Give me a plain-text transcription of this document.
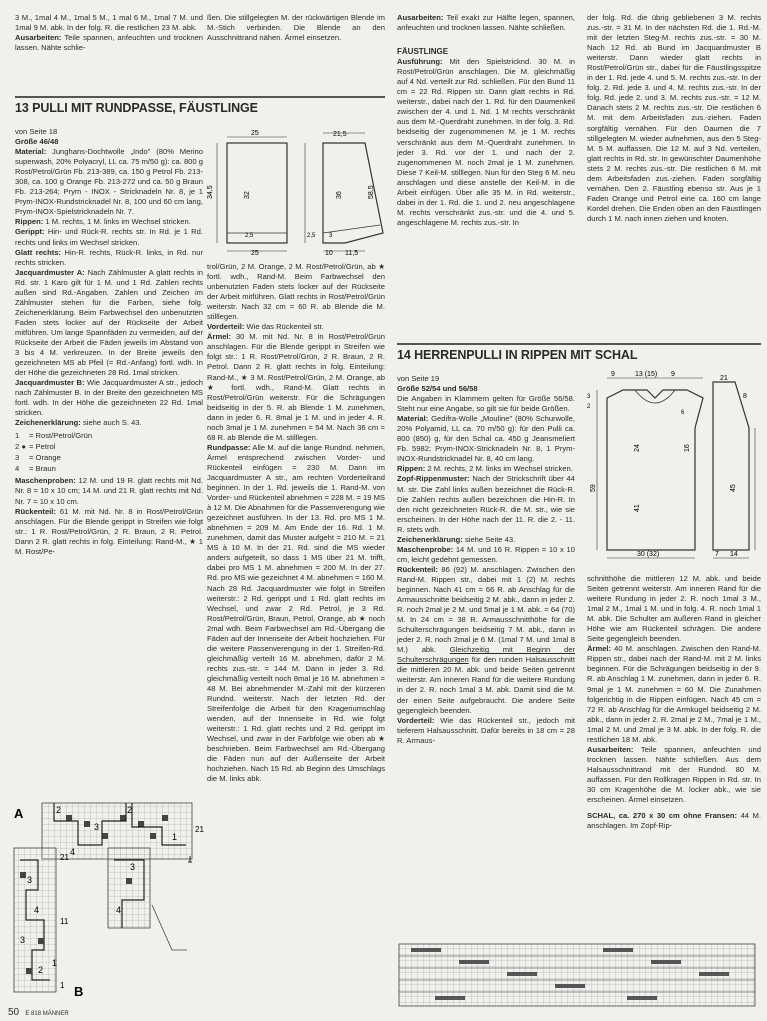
3 M., 1mal 4 M., 1mal 5 M., 1 mal 6 M., 1mal 7 M. und 1mal 9 M. abk. In der folg. R. die restlichen 23 M. abk.

Ausarbeiten: Teile spannen, anfeuchten und trocknen lassen. Nähte schlie-

ßen. Die stillgelegten M. der rückwärtigen Blende im M.-Stich verbinden. Die Blende an den Ausschnittrand nähen. Ärmel einsetzen.

13 PULLI MIT RUNDPASSE, FÄUSTLINGE

von Seite 18

Größe 46/48

Material: Junghans-Dochtwolle „Indo" (80% Merino superwash, 20% Polyacryl, LL ca. 75 m/50 g): ca. 800 g Rost/Petrol/Grün Fb. 213-389, ca. 150 g Petrol Fb. 213-308, ca. 100 g Orange Fb. 213-272 und ca. 50 g Braun Fb. 213-264; Prym - INOX - Stricknadeln Nr. 8, je 1 Prym-INOX-Rundstricknadel Nr. 8, 100 und 60 cm lang, Prym-INOX-Spielstricknadeln Nr. 7.

Rippen: 1 M. rechts, 1 M. links im Wechsel stricken.

Gerippt: Hin- und Rück-R. rechts str. In Rd. je 1 Rd. rechts und links im Wechsel stricken.

Glatt rechts: Hin-R. rechts, Rück-R. links, in Rd. nur rechts stricken.

Jacquardmuster A: Nach Zählmuster A glatt rechts in Rd. str. 1 Karo gilt für 1 M. und 1 Rd. Zahlen rechts außen sind Rd.-Angaben. Zahlen und Zeichen im Zählmuster stehen für die Farben, siehe folg. Zeichenerklärung. Beim Farbwechsel den unbenutzten Faden stets locker auf der Rückseite der Arbeit mitführen. Um lange Spannfäden zu vermeiden, auf der Rückseite der Arbeit die Fäden jeweils im Abstand von 3 bis 4 M. verkreuzen. In der Breite jeweils den gezeichneten MS ab Pfeil (= Rd.-Anfang) fortl. wdh. In der Höhe die gezeichneten 28 Rd. 1mal stricken.

Jacquardmuster B: Wie Jacquardmuster A str., jedoch nach Zählmuster B. In der Breite den gezeichneten MS fortl. wdh. In der Höhe die gezeichneten 22 Rd. 1mal stricken.

Zeichenerklärung: siehe auch S. 43.

1	= Rost/Petrol/Grün
2 ● = Petrol
3	= Orange
4	= Braun

Maschenproben: 12 M. und 19 R. glatt rechts mit Nd. Nr. 8 = 10 x 10 cm; 14 M. und 21 R. glatt rechts mit Nd. Nr. 7 = 10 x 10 cm.

Rückenteil: 61 M. mit Nd. Nr. 8 in Rost/Petrol/Grün anschlagen. Für die Blende gerippt in Streifen wie folgt str.: 1 R. Rost/Petrol/Grün, 2 R. Braun, 2 R. Petrol. Dann 2 R. glatt rechts in folg. Einteilung: Rand-M., ★ 1 M. Rost/Pe-

A	2	2
4
3
1
21
B
3
4
3
2
3
4
1
21
11
1
21,5
25
34,5	32
2,5
25
36
3
10 11,5
58,5
2,5

trol/Grün, 2 M. Orange, 2 M. Rost/Petrol/Grün, ab ★ fortl. wdh., Rand-M. Beim Farbwechsel den unbenutzten Faden stets locker auf der Rückseite der Arbeit mitführen. Glatt rechts in Rost/Petrol/Grün weiterstr. Nach 32 cm = 60 R. ab Blende die M. stilllegen.

Vorderteil: Wie das Rückenteil str.

Ärmel: 30 M. mit Nd. Nr. 8 in Rost/Petrol/Grün anschlagen. Für die Blende gerippt in Streifen wie folgt str.: 1 R. Rost/Petrol/Grün, 2 R. Braun, 2 R. Petrol. Dann 2 R. glatt rechts in folg. Einteilung: Rand-M., ★ 3 M. Rost/Petrol/Grün, 2 M. Orange, ab ★ fortl. wdh., Rand-M. Glatt rechts in Rost/Petrol/Grün weiterstr. Für die Schrägungen beidseitig in der 5. R. ab Blende 1 M. zunehmen, dann in jeder 6. R. 8mal je 1 M. und in jeder 4. R. noch 3mal je 1 M. zunehmen = 54 M. Nach 36 cm = 68 R. ab Blende die M. stilllegen.

Rundpasse: Alle M. auf die lange Rundnd. nehmen, Ärmel entsprechend zwischen Vorder- und Rückenteil einfügen = 230 M. Dann im Jacquardmuster A str., am rechten Vorderteilrand beginnen. In der 1. Rd. jeweils die 1. Rand-M. von Vorder- und Rückenteil abnehmen = 228 M. = 19 MS à 12 M. Die Abnahmen für die Passenverengung wie gezeichnet ausführen. In der 13. Rd. pro MS 1 M. abnehmen = 209 M. Am Ende der 16. Rd. 1 M. zunehmen, damit das Muster aufgeht = 210 M. = 21 MS à 10 M. In der 21. Rd. sind die MS wieder anders aufgeteilt, so dass 1 MS über 21 M. trifft, dabei pro MS 1 M. abnehmen = 200 M. In der 27. Rd. pro MS wie gezeichnet 4 M. abnehmen = 160 M. Nach 28 Rd. Jacquardmuster wie folgt in Streifen weiterstr.: 2 Rd. gerippt und 1 Rd. glatt rechts im Wechsel, und zwar 2 Rd. Petrol, je 3 Rd. Rost/Petrol/Grün, Braun, Petrol, Orange, ab ★ noch 2mal wdh. Beim Farbwechsel am Rd.-Übergang die Fäden auf der Innenseite der Arbeit hochziehen. Für die weitere Passenverengung in der 1. Streifen-Rd. gleichmäßig verteilt 16 M. abnehmen, dafür 2 M. rechts zus.-str. = 144 M. Dann in jeder 3. Rd. gleichmäßig verteilt noch 8mal je 16 M. abnehmen = 48 M. Bei abnehmender M.-Zahl mit der kürzeren Rundnd. weiterstr. Nach der letzten Rd. der Streifenfolge die Arbeit für den Kragenumschlag wenden, auf der Innenseite in Rd. wie folgt weiterstr.: 1 Rd. glatt rechts und 2 Rd. gerippt im Wechsel, und zwar in der Farbfolge wie oben ab ★ beschrieben. Beim Farbwechsel am Rd.-Übergang die Fäden nun auf der Außenseite der Arbeit hochziehen. Nach 15 Rd. ab Beginn des Umschlags die M. links abk.

Ausarbeiten: Teil exakt zur Hälfte legen, spannen, anfeuchten und trocknen lassen. Nähte schließen.

FÄUSTLINGE

Ausführung: Mit den Spielstricknd. 30 M. in Rost/Petrol/Grün anschlagen. Die M. gleichmäßig auf 4 Nd. verteilt zur Rd. schließen. Für den Bund 11 cm = 22 Rd. Rippen str. Dann glatt rechts in Rd. weiterstr., dabei nach der 1. Rd. für den Daumenkeil zwischen der 4. und 1. Nd. 1 M rechts verschränkt aus dem M.-Querdraht zunehmen. In der folg. 3. Rd. beidseitig der zugenommenen M. je 1 M. rechts verschränkt aus dem M.-Querdraht zunehmen. In jeder 3. Rd. vor der 1. und nach der 2. zugenommenen M. noch 2mal je 1 M. zunehmen. Diese 7 Keil-M. stilllegen. Nun für den Steg 6 M. neu anschlagen und diese anstelle der Keil-M. in die Arbeit einfügen. Über alle 35 M. in Rd. weiterstr., dabei in der 1. Rd. die 1. und 2. neu angeschlagene M. rechts verschränkt zus.-str. und die 4. und 5. angeschlagene M. rechts zus.-str. In

der folg. Rd. die übrig gebliebenen 3 M. rechts zus.-str. = 31 M. In der nächsten Rd. die 1. Rd.-M. mit der letzten Steg-M. rechts zus.-str. = 30 M. Nach 12 Rd. ab Bund im Jacquardmuster B weiterstr. Dann wieder glatt rechts in Rost/Petrol/Grün str., dabei für die Fäustlingsspitze in der 1. Rd. jede 4. und 5. M. rechts zus.-str. In der folg. 2. Rd. jede 3. und 4. M. rechts zus.-str. In der folg. Rd. jede 2. und 3. M. rechts zus.-str. = 12 M. Danach stets 2 M. rechts zus.-str. Die restlichen 6 M. mit dem Arbeitsfaden zus.-ziehen. Faden sorgfältig vernähen. Für den Daumen die 7 stillgelegten M. wieder aufnehmen, aus den 5 Steg-M. 5 M. auffassen. Die 12 M. auf 3 Nd. verteilen, glatt rechts in Rd. str. In gewünschter Daumenhöhe stets 2 M. rechts zus.-str. Die restlichen 6 M. mit dem Arbeitsfaden zus.-ziehen. Faden sorgfältig vernähen. Den 2. Fäustling ebenso str. Aus je 1 Faden Orange und Petrol eine ca. 160 cm lange Kordel drehen. Die Enden oben an den Fäustlingen durch 1 M. nach innen ziehen und knoten.

14 HERRENPULLI IN RIPPEN MIT SCHAL

von Seite 19

Größe 52/54 und 56/58

Die Angaben in Klammern gelten für Größe 56/58. Steht nur eine Angabe, so gilt sie für beide Größen.

Material: Gedifra-Wolle „Mouline" (80% Schurwolle, 20% Polyamid, LL ca. 70 m/50 g): für den Pulli ca. 800 (850) g, für den Schal ca. 450 g Jeansmeliert Fb. 5982; Prym-INOX-Stricknadeln Nr. 8, 1 Prym-INOX-Rundstricknadel Nr. 8, 40 cm lang.

Rippen: 2 M. rechts, 2 M. links im Wechsel stricken.

Zopf-Rippenmuster: Nach der Strickschrift über 44 M. str. Die Zahl links außen bezeichnet die Rück-R. Die Zahlen rechts außen bezeichnen die Hin-R. In den nicht gezeichneten Rück-R. die M. str., wie sie erscheinen. In der Höhe nach der 11. R. die 2. - 11. R. stets wdh.

Zeichenerklärung: siehe Seite 43.

Maschenprobe: 14 M. und 16 R. Rippen = 10 x 10 cm, leicht gedehnt gemessen.

Rückenteil: 86 (92) M. anschlagen. Zwischen den Rand-M. Rippen str., dabei mit 1 (2) M. rechts beginnen. Nach 41 cm = 66 R. ab Anschlag für die Armausschnitte beidseitig 2 M. abk., dann in jeder 2. R. noch 2mal je 2 M. und 5mal je 1 M. abk. = 64 (70) M. In 24 cm = 38 R. Armausschnitthöhe für die Schulterschrägungen beidseitig 7 M. abk., dann in jeder 2. R. noch 2mal je 6 M. (1mal 7 M. und 1mal 8 M.) abk. Gleichzeitig mit Beginn der Schulterschrägungen für den runden Halsausschnitt die mittleren 20 M. abk. und beide Seiten getrennt weiterstr. Am inneren Rand für die weitere Rundung in der 2. R. noch 1mal 3 M. abk. Damit sind die M. der einen Seite aufgebraucht. Die andere Seite gegengleich beenden.

Vorderteil: Wie das Rückenteil str., jedoch mit tieferem Halsausschnitt. Dafür bereits in 18 cm = 28 R. Armaus-

9	13 (15) 9
3
2
21
24
6
16
41
59	45
30 (32)	7 14
8

schnitthöhe die mittleren 12 M. abk. und beide Seiten getrennt weiterstr. Am inneren Rand für die weitere Rundung in jeder 2. R. noch 1mal 3 M., 1mal 2 M., 1mal 1 M. und in folg. 4. R. noch 1mal 1 M. abk. Die Schulter am äußeren Rand in gleicher Höhe wie am Rückenteil schrägen. Die andere Seite gegengleich beenden.

Ärmel: 40 M. anschlagen. Zwischen den Rand-M. Rippen str., dabei nach der Rand-M. mit 2 M. links beginnen. Für die Schrägungen beidseitig in der 9. R. ab Anschlag 1 M. zunehmen, dann in jeder 6. R. 9mal je 1 M. zunehmen = 60 M. Die Zunahmen folgerichtig in die Rippen einfügen. Nach 45 cm = 72 R. ab Anschlag für die Armkugel beidseitig 2 M. abk., dann in jeder 2. R. 2mal je 2 M., 7mal je 1 M., 1mal 2 M. und 2mal je 3 M. abk. In der folg. R. die restlichen 18 M. abk.

Ausarbeiten: Teile spannen, anfeuchten und trocknen lassen. Nähte schließen. Aus dem Halsausschnittrand mit der Rundnd. 80 M. auffassen. Für den Rollkragen Rippen in Rd. str. In 30 cm Kragenhöhe die M. locker abk., wie sie erscheinen. Ärmel einsetzen.

SCHAL, ca. 270 x 30 cm ohne Fransen: 44 M. anschlagen. Im Zopf-Rip-

50 E 818 MÄNNER
